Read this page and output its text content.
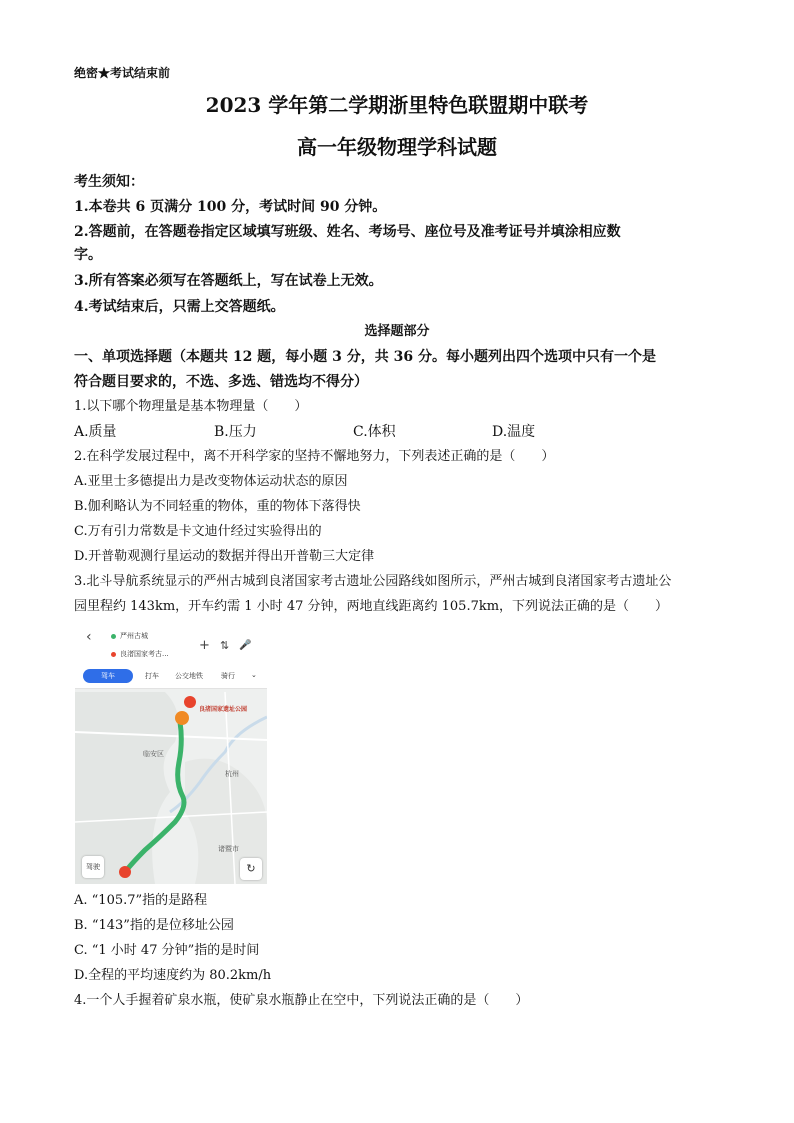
绝密★考试结束前
2023 学年第二学期浙里特色联盟期中联考
高一年级物理学科试题
考生须知：
1.本卷共 6 页满分 100 分，考试时间 90 分钟。
2.答题前，在答题卷指定区域填写班级、姓名、考场号、座位号及准考证号并填涂相应数
字。
3.所有答案必须写在答题纸上，写在试卷上无效。
4.考试结束后，只需上交答题纸。
选择题部分
一、单项选择题（本题共 12 题，每小题 3 分，共 36 分。每小题列出四个选项中只有一个是
符合题目要求的，不选、多选、错选均不得分）
1.以下哪个物理量是基本物理量（　　）
A.质量	B.压力	C.体积	D.温度
2.在科学发展过程中，离不开科学家的坚持不懈地努力，下列表述正确的是（　　）
A.亚里士多德提出力是改变物体运动状态的原因
B.伽利略认为不同轻重的物体，重的物体下落得快
C.万有引力常数是卡文迪什经过实验得出的
D.开普勒观测行星运动的数据并得出开普勒三大定律
3.北斗导航系统显示的严州古城到良渚国家考古遗址公园路线如图所示，严州古城到良渚国家考古遗址公
园里程约 143km，开车约需 1 小时 47 分钟，两地直线距离约 105.7km，下列说法正确的是（　　）
‹	严州古城
良渚国家考古...
+ ⇅ 🎤
驾车	打车 公交地铁	骑行 ⌄
良渚国家遗址公园
临安区
杭州
诸暨市
驾驶	↻
A. “105.7”指的是路程
B. “143”指的是位移址公园
C. “1 小时 47 分钟”指的是时间
D.全程的平均速度约为 80.2km/h
4.一个人手握着矿泉水瓶，使矿泉水瓶静止在空中，下列说法正确的是（　　）
